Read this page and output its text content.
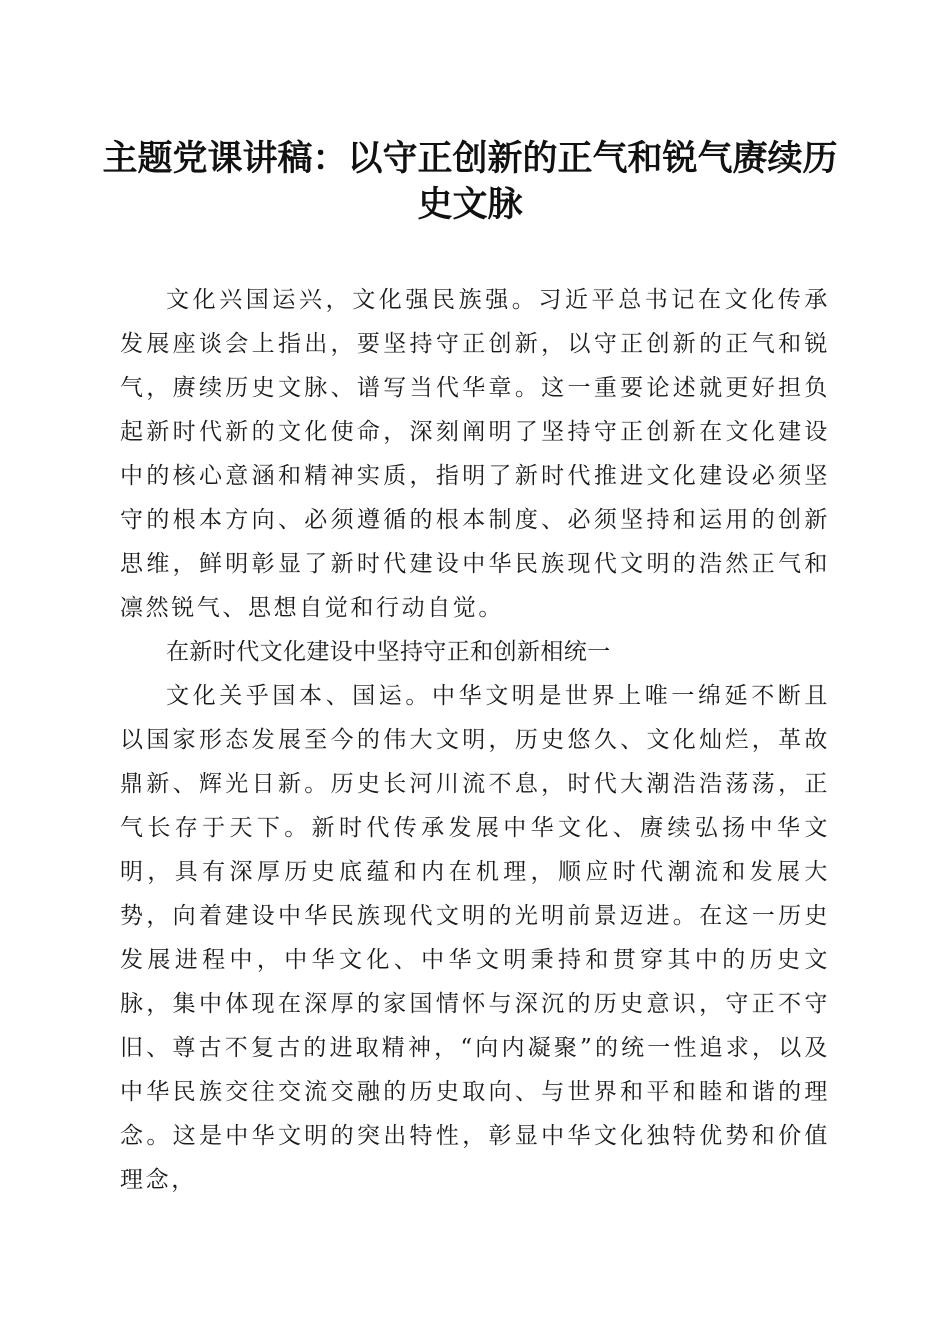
主题党课讲稿：以守正创新的正气和锐气赓续历史文脉

文化兴国运兴，文化强民族强。习近平总书记在文化传承发展座谈会上指出，要坚持守正创新，以守正创新的正气和锐气，赓续历史文脉、谱写当代华章。这一重要论述就更好担负起新时代新的文化使命，深刻阐明了坚持守正创新在文化建设中的核心意涵和精神实质，指明了新时代推进文化建设必须坚守的根本方向、必须遵循的根本制度、必须坚持和运用的创新思维，鲜明彰显了新时代建设中华民族现代文明的浩然正气和凛然锐气、思想自觉和行动自觉。

在新时代文化建设中坚持守正和创新相统一

文化关乎国本、国运。中华文明是世界上唯一绵延不断且以国家形态发展至今的伟大文明，历史悠久、文化灿烂，革故鼎新、辉光日新。历史长河川流不息，时代大潮浩浩荡荡，正气长存于天下。新时代传承发展中华文化、赓续弘扬中华文明，具有深厚历史底蕴和内在机理，顺应时代潮流和发展大势，向着建设中华民族现代文明的光明前景迈进。在这一历史发展进程中，中华文化、中华文明秉持和贯穿其中的历史文脉，集中体现在深厚的家国情怀与深沉的历史意识，守正不守旧、尊古不复古的进取精神，“向内凝聚”的统一性追求，以及中华民族交往交流交融的历史取向、与世界和平和睦和谐的理念。这是中华文明的突出特性，彰显中华文化独特优势和价值理念，
